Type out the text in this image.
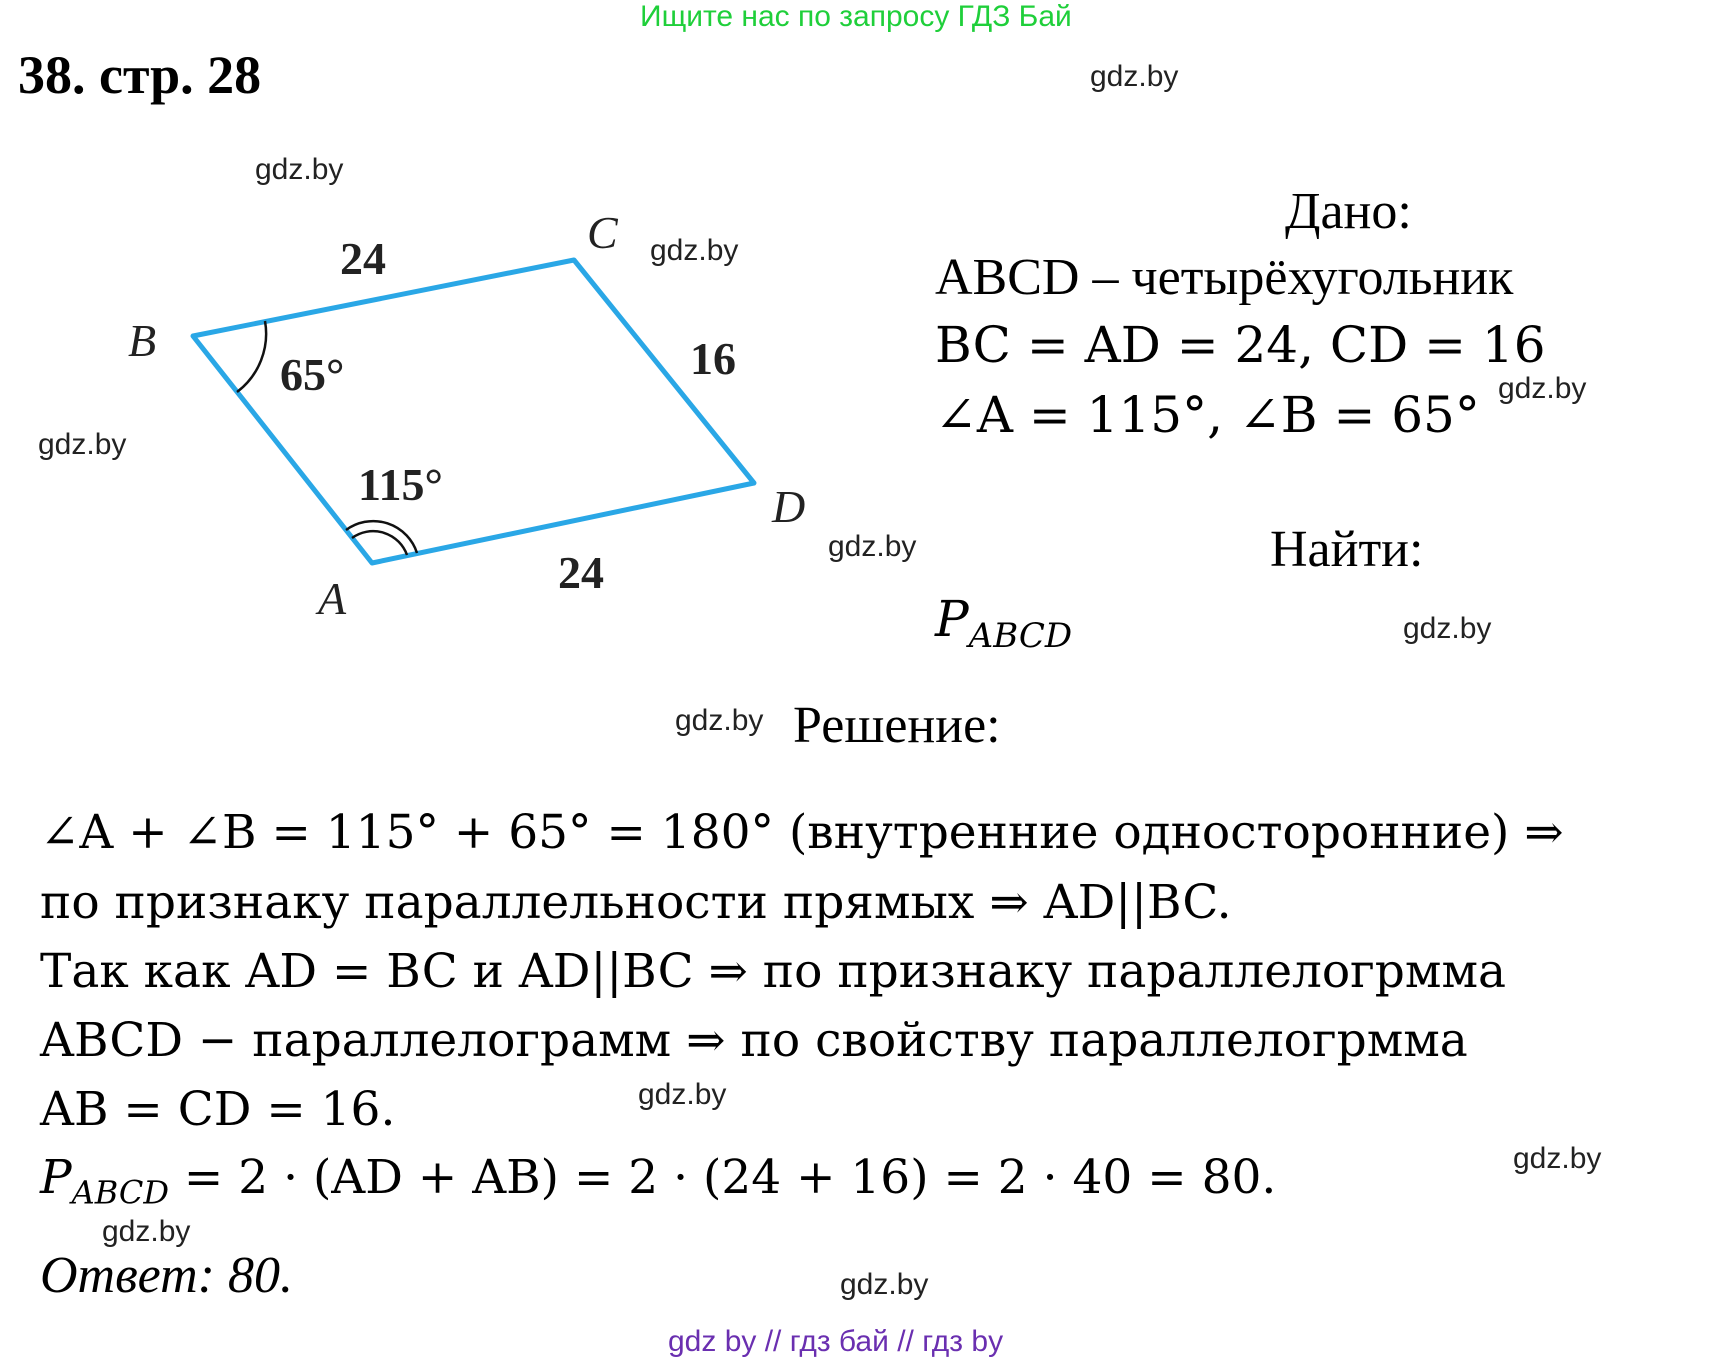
Ищите нас по запросу ГДЗ Бай
38. стр. 28	gdz.by
gdz.by
gdz.by
gdz.by
gdz.by
gdz.by
gdz.by
gdz.by
gdz.by
gdz.by
gdz.by
gdz.by
24
16
24
65°
115°
B
C
D
A
Дано:
ABCD – четырёхугольник
BC = AD = 24, CD = 16
∠A = 115°, ∠B = 65°
Найти:
$P_{ABCD}$
Решение:
∠A + ∠B = 115° + 65° = 180° (внутренние односторонние) ⇒
по признаку параллельности прямых ⇒ AD||BC.
Так как AD = BC и AD||BC ⇒ по признаку параллелогрмма
ABCD − параллелограмм ⇒ по свойству параллелогрмма
AB = CD = 16.
$P_{ABCD} = 2 \cdot (AD + AB) = 2 \cdot (24 + 16) = 2 \cdot 40 = 80$.
Ответ: 80.
gdz by // гдз бай // гдз by
